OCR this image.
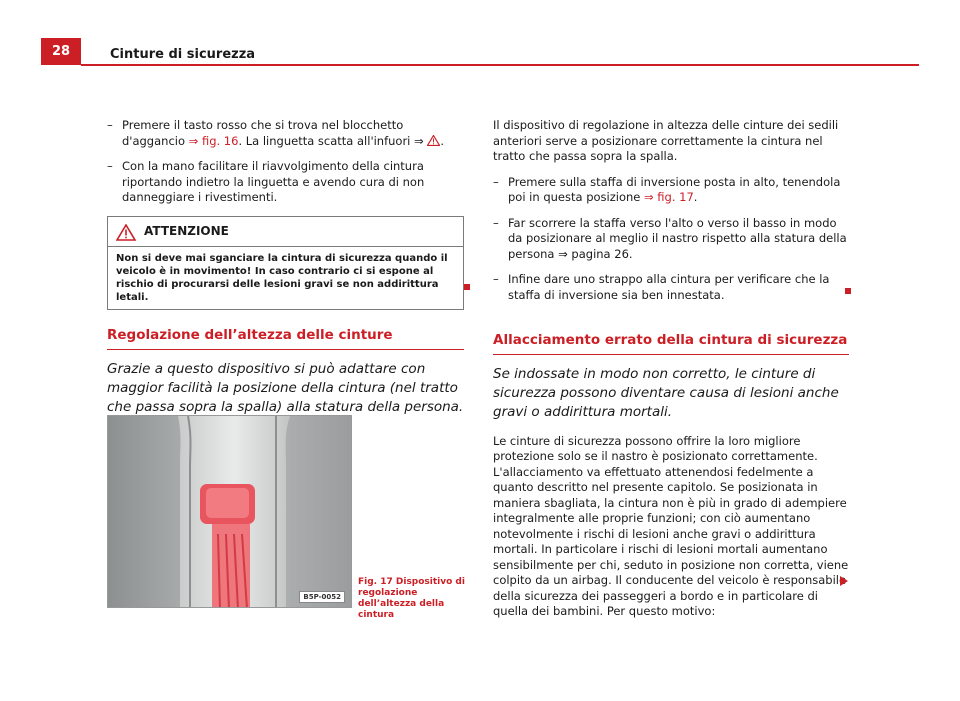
28	Cinture di sicurezza
– Premere il tasto rosso che si trova nel blocchetto d'aggancio ⇒ fig. 16. La linguetta scatta all'infuori ⇒ .
– Con la mano facilitare il riavvolgimento della cintura riportando indietro la linguetta e avendo cura di non danneggiare i rivestimenti.
ATTENZIONE
Non si deve mai sganciare la cintura di sicurezza quando il veicolo è in movimento! In caso contrario ci si espone al rischio di procurarsi delle lesioni gravi se non addirittura letali.
Regolazione dell’altezza delle cinture
Grazie a questo dispositivo si può adattare con maggior facilità la posizione della cintura (nel tratto che passa sopra la spalla) alla statura della persona.
B5P-0052
Fig. 17 Dispositivo di regolazione dell’altezza della cintura
Il dispositivo di regolazione in altezza delle cinture dei sedili anteriori serve a posizionare correttamente la cintura nel tratto che passa sopra la spalla.
– Premere sulla staffa di inversione posta in alto, tenendola poi in questa posizione ⇒ fig. 17.
– Far scorrere la staffa verso l'alto o verso il basso in modo da posizionare al meglio il nastro rispetto alla statura della persona ⇒ pagina 26.
– Infine dare uno strappo alla cintura per verificare che la staffa di inversione sia ben innestata.
Allacciamento errato della cintura di sicurezza
Se indossate in modo non corretto, le cinture di sicurezza possono diventare causa di lesioni anche gravi o addirittura mortali.
Le cinture di sicurezza possono offrire la loro migliore protezione solo se il nastro è posizionato correttamente. L'allacciamento va effettuato attenendosi fedelmente a quanto descritto nel presente capitolo. Se posizionata in maniera sbagliata, la cintura non è più in grado di adempiere integralmente alle proprie funzioni; con ciò aumentano notevolmente i rischi di lesioni anche gravi o addirittura mortali. In particolare i rischi di lesioni mortali aumentano sensibilmente per chi, seduto in posizione non corretta, viene colpito da un airbag. Il conducente del veicolo è responsabile della sicurezza dei passeggeri a bordo e in particolare di quella dei bambini. Per questo motivo:
